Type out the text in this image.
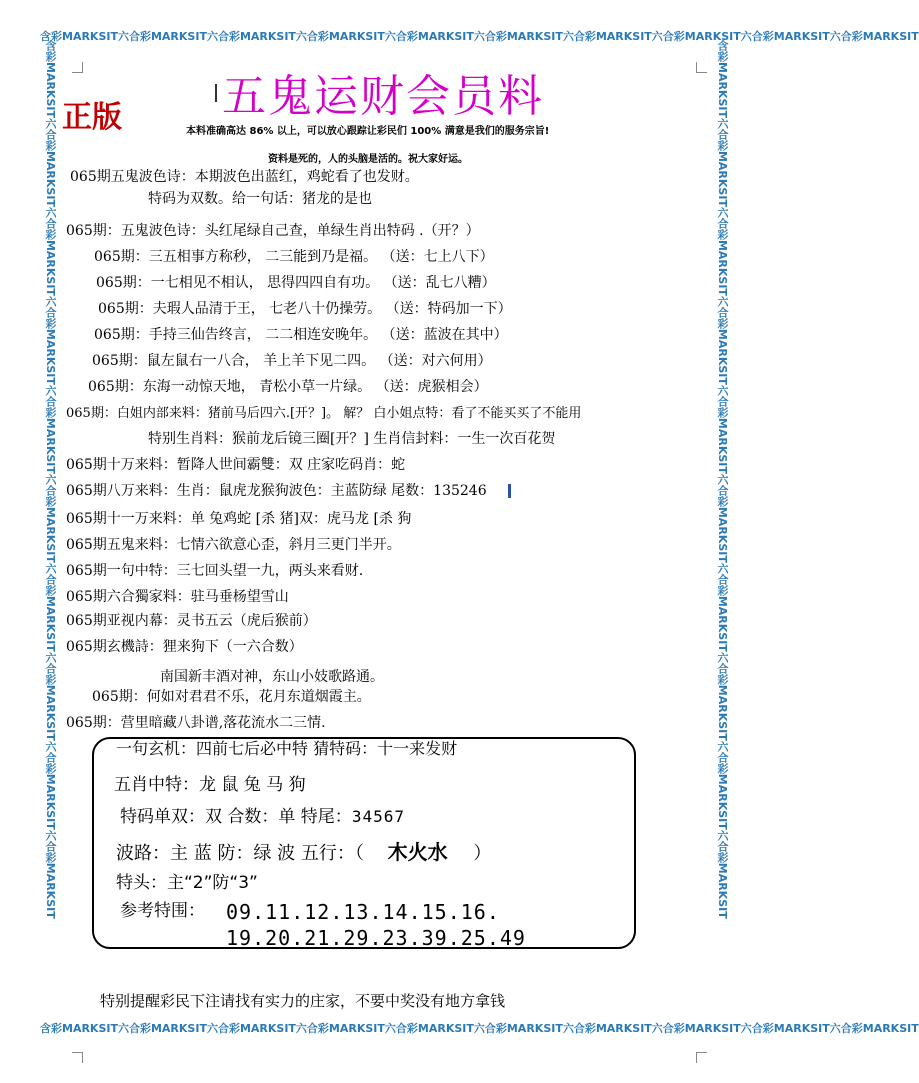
含彩MARKSIT六合彩MARKSIT六合彩MARKSIT六合彩MARKSIT六合彩MARKSIT六合彩MARKSIT六合彩MARKSIT六合彩MARKSIT六合彩MARKSIT六合彩MARKSIT
含彩MARKSIT六合彩MARKSIT六合彩MARKSIT六合彩MARKSIT六合彩MARKSIT六合彩MARKSIT六合彩MARKSIT六合彩MARKSIT六合彩MARKSIT六合彩MARKSIT
含彩MARKSIT六合彩MARKSIT六合彩MARKSIT六合彩MARKSIT六合彩MARKSIT六合彩MARKSIT六合彩MARKSIT六合彩MARKSIT六合彩MARKSIT六合彩MARKSIT	含彩MARKSIT六合彩MARKSIT六合彩MARKSIT六合彩MARKSIT六合彩MARKSIT六合彩MARKSIT六合彩MARKSIT六合彩MARKSIT六合彩MARKSIT六合彩MARKSIT
五鬼运财会员料
正版	本料准确高达 86% 以上，可以放心跟踪让彩民们 100% 满意是我们的服务宗旨!
资料是死的，人的头脑是活的。祝大家好运。
065期五鬼波色诗：本期波色出蓝红，鸡蛇看了也发财。
特码为双数。给一句话：猪龙的是也
065期：五鬼波色诗：头红尾绿自己查，单绿生肖出特码 .（开？）
065期：三五相事方称秒， 二三能到乃是福。 （送：七上八下）
065期：一七相见不相认， 思得四四自有功。 （送：乱七八糟）
065期：夫瑕人品清于王， 七老八十仍操劳。 （送：特码加一下）
065期：手持三仙告终言， 二二相连安晚年。 （送：蓝波在其中）
065期：鼠左鼠右一八合， 羊上羊下见二四。 （送：对六何用）
065期：东海一动惊天地， 青松小草一片绿。 （送：虎猴相会）
065期：白姐内部来料：猪前马后四六.[开？]。 解？ 白小姐点特：看了不能买买了不能用
特别生肖料：猴前龙后镜三圈[开？] 生肖信封料：一生一次百花贺
065期十万来料：暂降人世间霸雙：双 庄家吃码肖：蛇
065期八万来料：生肖：鼠虎龙猴狗波色：主蓝防绿 尾数：135246
065期十一万来料：单 兔鸡蛇 [杀 猪]双：虎马龙 [杀 狗
065期五鬼来料：七情六欲意心歪，斜月三更门半开。
065期一句中特：三七回头望一九，两头来看财.
065期六合獨家料：驻马垂杨望雪山
065期亚视内幕：灵书五云（虎后猴前）
065期玄機詩：狸来狗下（一六合数）
南国新丰酒对神，东山小妓歌路通。
065期：何如对君君不乐，花月东道烟霞主。
065期：营里暗藏八卦谱,落花流水二三情.
一句玄机：四前七后必中特 猜特码：十一来发财
五肖中特：龙 鼠 兔 马 狗
特码单双：双 合数：单 特尾：34567
波路：主 蓝 防：绿 波 五行：（ 木火水 ）
特头：主“2”防“3”
参考特围： 09.11.12.13.14.15.16.
19.20.21.29.23.39.25.49
特别提醒彩民下注请找有实力的庄家，不要中奖没有地方拿钱
